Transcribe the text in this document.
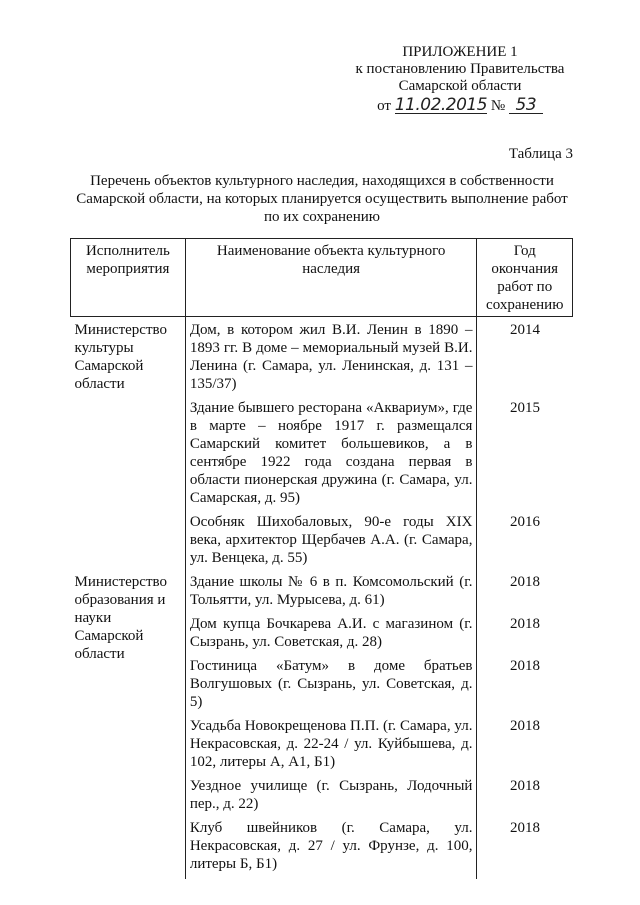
ПРИЛОЖЕНИЕ 1
к постановлению Правительства
Самарской области
от 11.02.2015 № 53
Таблица 3
Перечень объектов культурного наследия, находящихся в собственности Самарской области, на которых планируется осуществить выполнение работ по их сохранению
Исполнитель мероприятия	Наименование объекта культурного наследия	Год окончания работ по сохранению
Министерство культуры Самарской области	Дом, в котором жил В.И. Ленин в 1890 – 1893 гг. В доме – мемориальный музей В.И. Ленина (г. Самара, ул. Ленинская, д. 131 – 135/37)	2014
	Здание бывшего ресторана «Аквариум», где в марте – ноябре 1917 г. размещался Самарский комитет большевиков, а в сентябре 1922 года создана первая в области пионерская дружина (г. Самара, ул. Самарская, д. 95)	2015
	Особняк Шихобаловых, 90-е годы XIX века, архитектор Щербачев А.А. (г. Самара, ул. Венцека, д. 55)	2016
Министерство образования и науки Самарской области	Здание школы № 6 в п. Комсомольский (г. Тольятти, ул. Мурысева, д. 61)	2018
	Дом купца Бочкарева А.И. с магазином (г. Сызрань, ул. Советская, д. 28)	2018
	Гостиница «Батум» в доме братьев Волгушовых (г. Сызрань, ул. Советская, д. 5)	2018
	Усадьба Новокрещенова П.П. (г. Самара, ул. Некрасовская, д. 22-24 / ул. Куйбышева, д. 102, литеры А, А1, Б1)	2018
	Уездное училище (г. Сызрань, Лодочный пер., д. 22)	2018
	Клуб швейников (г. Самара, ул. Некрасовская, д. 27 / ул. Фрунзе, д. 100, литеры Б, Б1)	2018
